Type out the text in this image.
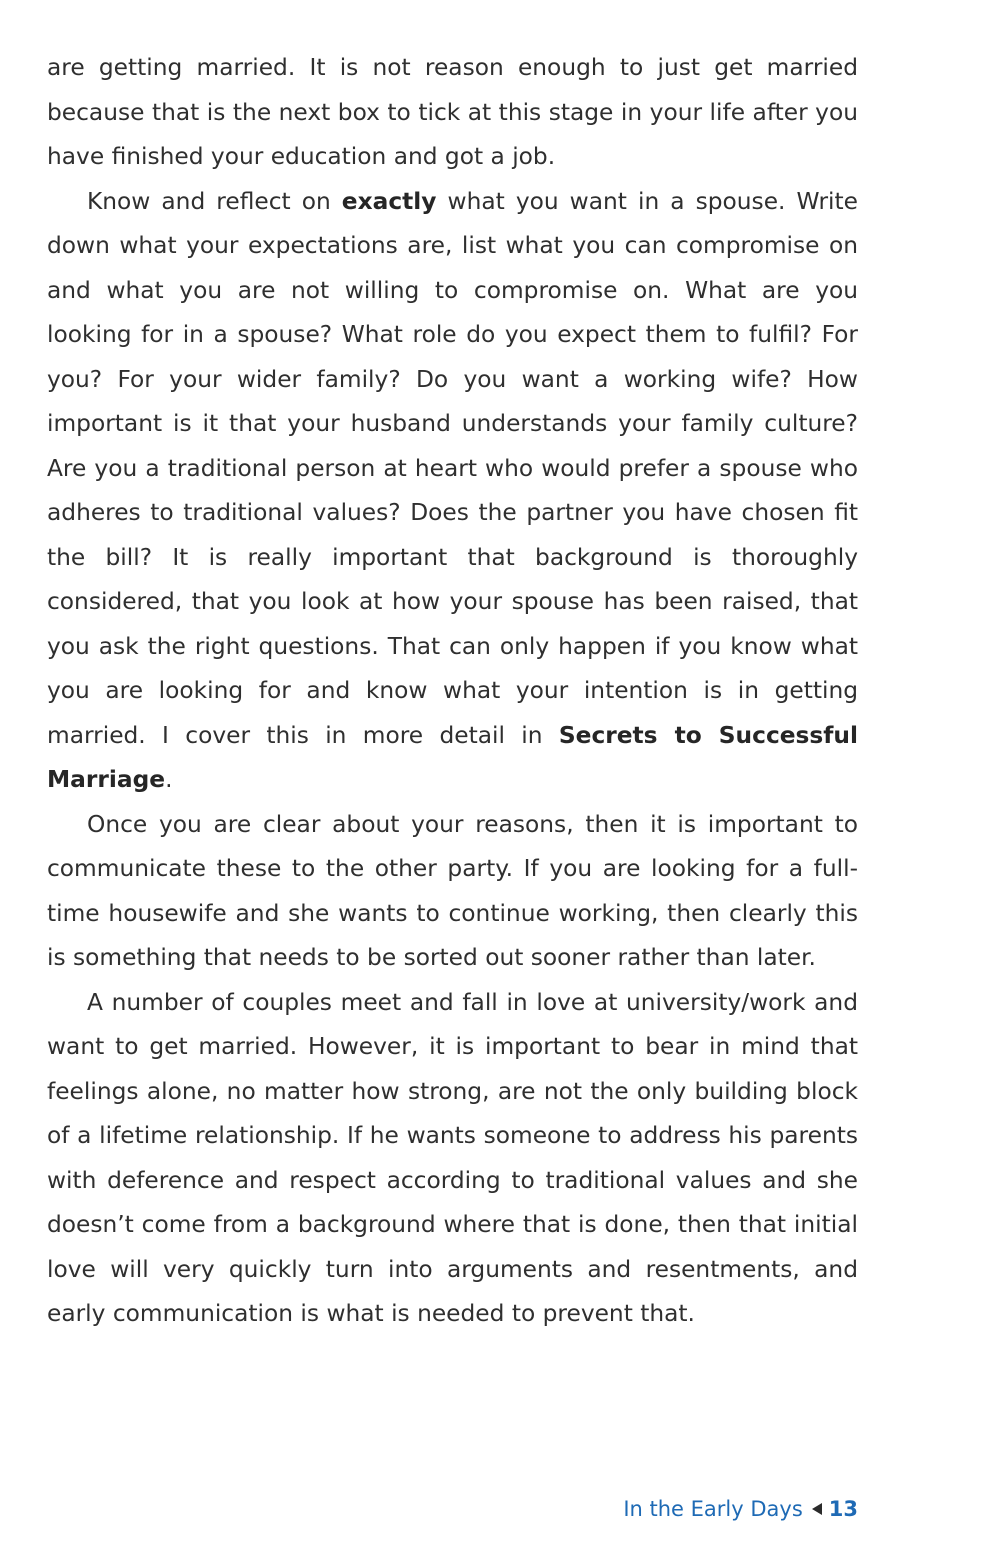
are getting married. It is not reason enough to just get married because that is the next box to tick at this stage in your life after you have finished your education and got a job.

Know and reflect on exactly what you want in a spouse. Write down what your expectations are, list what you can compromise on and what you are not willing to compromise on. What are you looking for in a spouse? What role do you expect them to fulfil? For you? For your wider family? Do you want a working wife? How important is it that your husband understands your family culture? Are you a traditional person at heart who would prefer a spouse who adheres to traditional values? Does the partner you have chosen fit the bill? It is really important that background is thoroughly considered, that you look at how your spouse has been raised, that you ask the right questions. That can only happen if you know what you are looking for and know what your intention is in getting married. I cover this in more detail in Secrets to Successful Marriage.

Once you are clear about your reasons, then it is important to communicate these to the other party. If you are looking for a full-time housewife and she wants to continue working, then clearly this is something that needs to be sorted out sooner rather than later.

A number of couples meet and fall in love at university/work and want to get married. However, it is important to bear in mind that feelings alone, no matter how strong, are not the only building block of a lifetime relationship. If he wants someone to address his parents with deference and respect according to traditional values and she doesn’t come from a background where that is done, then that initial love will very quickly turn into arguments and resentments, and early communication is what is needed to prevent that.

In the Early Days 13
